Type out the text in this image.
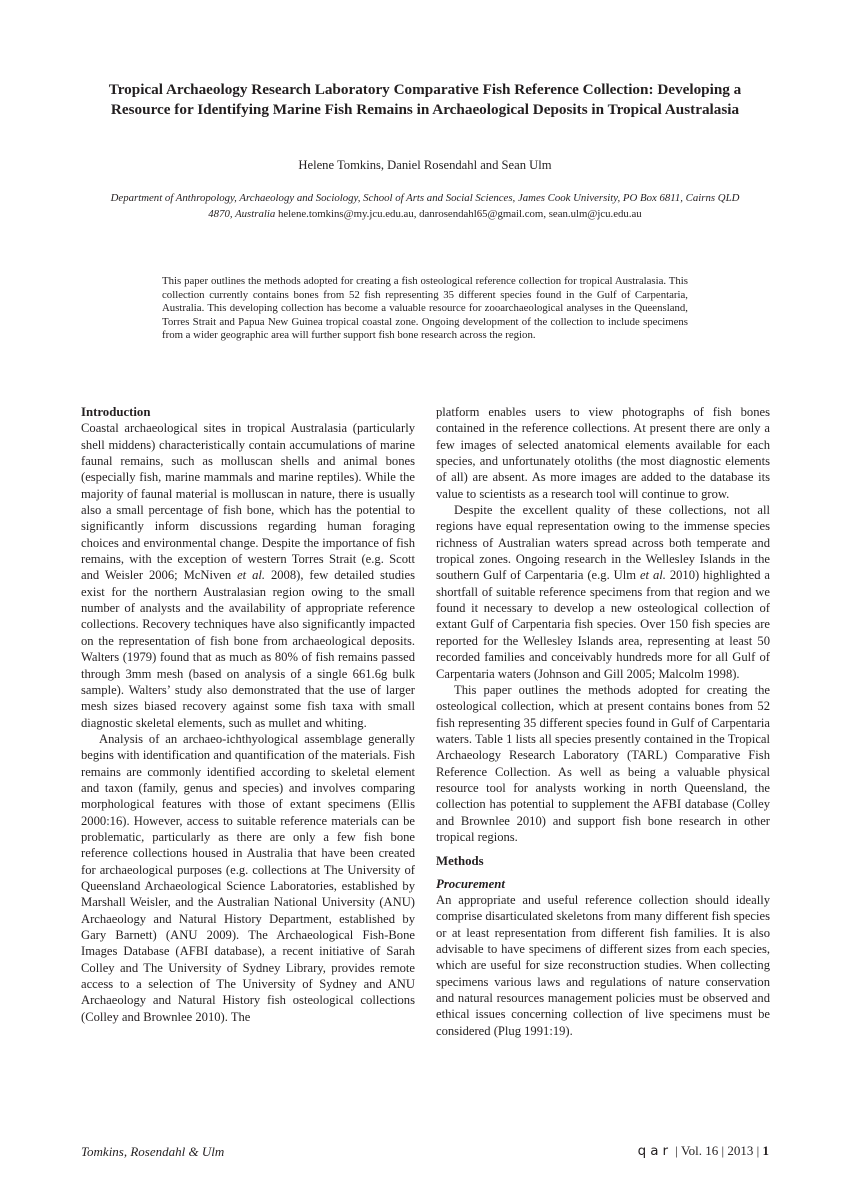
Tropical Archaeology Research Laboratory Comparative Fish Reference Collection: Developing a Resource for Identifying Marine Fish Remains in Archaeological Deposits in Tropical Australasia
Helene Tomkins, Daniel Rosendahl and Sean Ulm
Department of Anthropology, Archaeology and Sociology, School of Arts and Social Sciences, James Cook University, PO Box 6811, Cairns QLD 4870, Australia helene.tomkins@my.jcu.edu.au, danrosendahl65@gmail.com, sean.ulm@jcu.edu.au
This paper outlines the methods adopted for creating a fish osteological reference collection for tropical Australasia. This collection currently contains bones from 52 fish representing 35 different species found in the Gulf of Carpentaria, Australia. This developing collection has become a valuable resource for zooarchaeological analyses in the Queensland, Torres Strait and Papua New Guinea tropical coastal zone. Ongoing development of the collection to include specimens from a wider geographic area will further support fish bone research across the region.
Introduction

Coastal archaeological sites in tropical Australasia (particularly shell middens) characteristically contain accumulations of marine faunal remains, such as molluscan shells and animal bones (especially fish, marine mammals and marine reptiles). While the majority of faunal material is molluscan in nature, there is usually also a small percentage of fish bone, which has the potential to significantly inform discussions regarding human foraging choices and environmental change. Despite the importance of fish remains, with the exception of western Torres Strait (e.g. Scott and Weisler 2006; McNiven et al. 2008), few detailed studies exist for the northern Australasian region owing to the small number of analysts and the availability of appropriate reference collections. Recovery techniques have also significantly impacted on the representation of fish bone from archaeological deposits. Walters (1979) found that as much as 80% of fish remains passed through 3mm mesh (based on analysis of a single 661.6g bulk sample). Walters’ study also demonstrated that the use of larger mesh sizes biased recovery against some fish taxa with small diagnostic skeletal elements, such as mullet and whiting.

Analysis of an archaeo-ichthyological assemblage generally begins with identification and quantification of the materials. Fish remains are commonly identified according to skeletal element and taxon (family, genus and species) and involves comparing morphological features with those of extant specimens (Ellis 2000:16). However, access to suitable reference materials can be problematic, particularly as there are only a few fish bone reference collections housed in Australia that have been created for archaeological purposes (e.g. collections at The University of Queensland Archaeological Science Laboratories, established by Marshall Weisler, and the Australian National University (ANU) Archaeology and Natural History Department, established by Gary Barnett) (ANU 2009). The Archaeological Fish-Bone Images Database (AFBI database), a recent initiative of Sarah Colley and The University of Sydney Library, provides remote access to a selection of The University of Sydney and ANU Archaeology and Natural History fish osteological collections (Colley and Brownlee 2010). The

platform enables users to view photographs of fish bones contained in the reference collections. At present there are only a few images of selected anatomical elements available for each species, and unfortunately otoliths (the most diagnostic elements of all) are absent. As more images are added to the database its value to scientists as a research tool will continue to grow.

Despite the excellent quality of these collections, not all regions have equal representation owing to the immense species richness of Australian waters spread across both temperate and tropical zones. Ongoing research in the Wellesley Islands in the southern Gulf of Carpentaria (e.g. Ulm et al. 2010) highlighted a shortfall of suitable reference specimens from that region and we found it necessary to develop a new osteological collection of extant Gulf of Carpentaria fish species. Over 150 fish species are reported for the Wellesley Islands area, representing at least 50 recorded families and conceivably hundreds more for all Gulf of Carpentaria waters (Johnson and Gill 2005; Malcolm 1998).

This paper outlines the methods adopted for creating the osteological collection, which at present contains bones from 52 fish representing 35 different species found in Gulf of Carpentaria waters. Table 1 lists all species presently contained in the Tropical Archaeology Research Laboratory (TARL) Comparative Fish Reference Collection. As well as being a valuable physical resource tool for analysts working in north Queensland, the collection has potential to supplement the AFBI database (Colley and Brownlee 2010) and support fish bone research in other tropical regions.

Methods
Procurement

An appropriate and useful reference collection should ideally comprise disarticulated skeletons from many different fish species or at least representation from different fish families. It is also advisable to have specimens of different sizes from each species, which are useful for size reconstruction studies. When collecting specimens various laws and regulations of nature conservation and natural resources management policies must be observed and ethical issues concerning collection of live specimens must be considered (Plug 1991:19).

Tomkins, Rosendahl & Ulm	qar | Vol. 16 | 2013 | 1
